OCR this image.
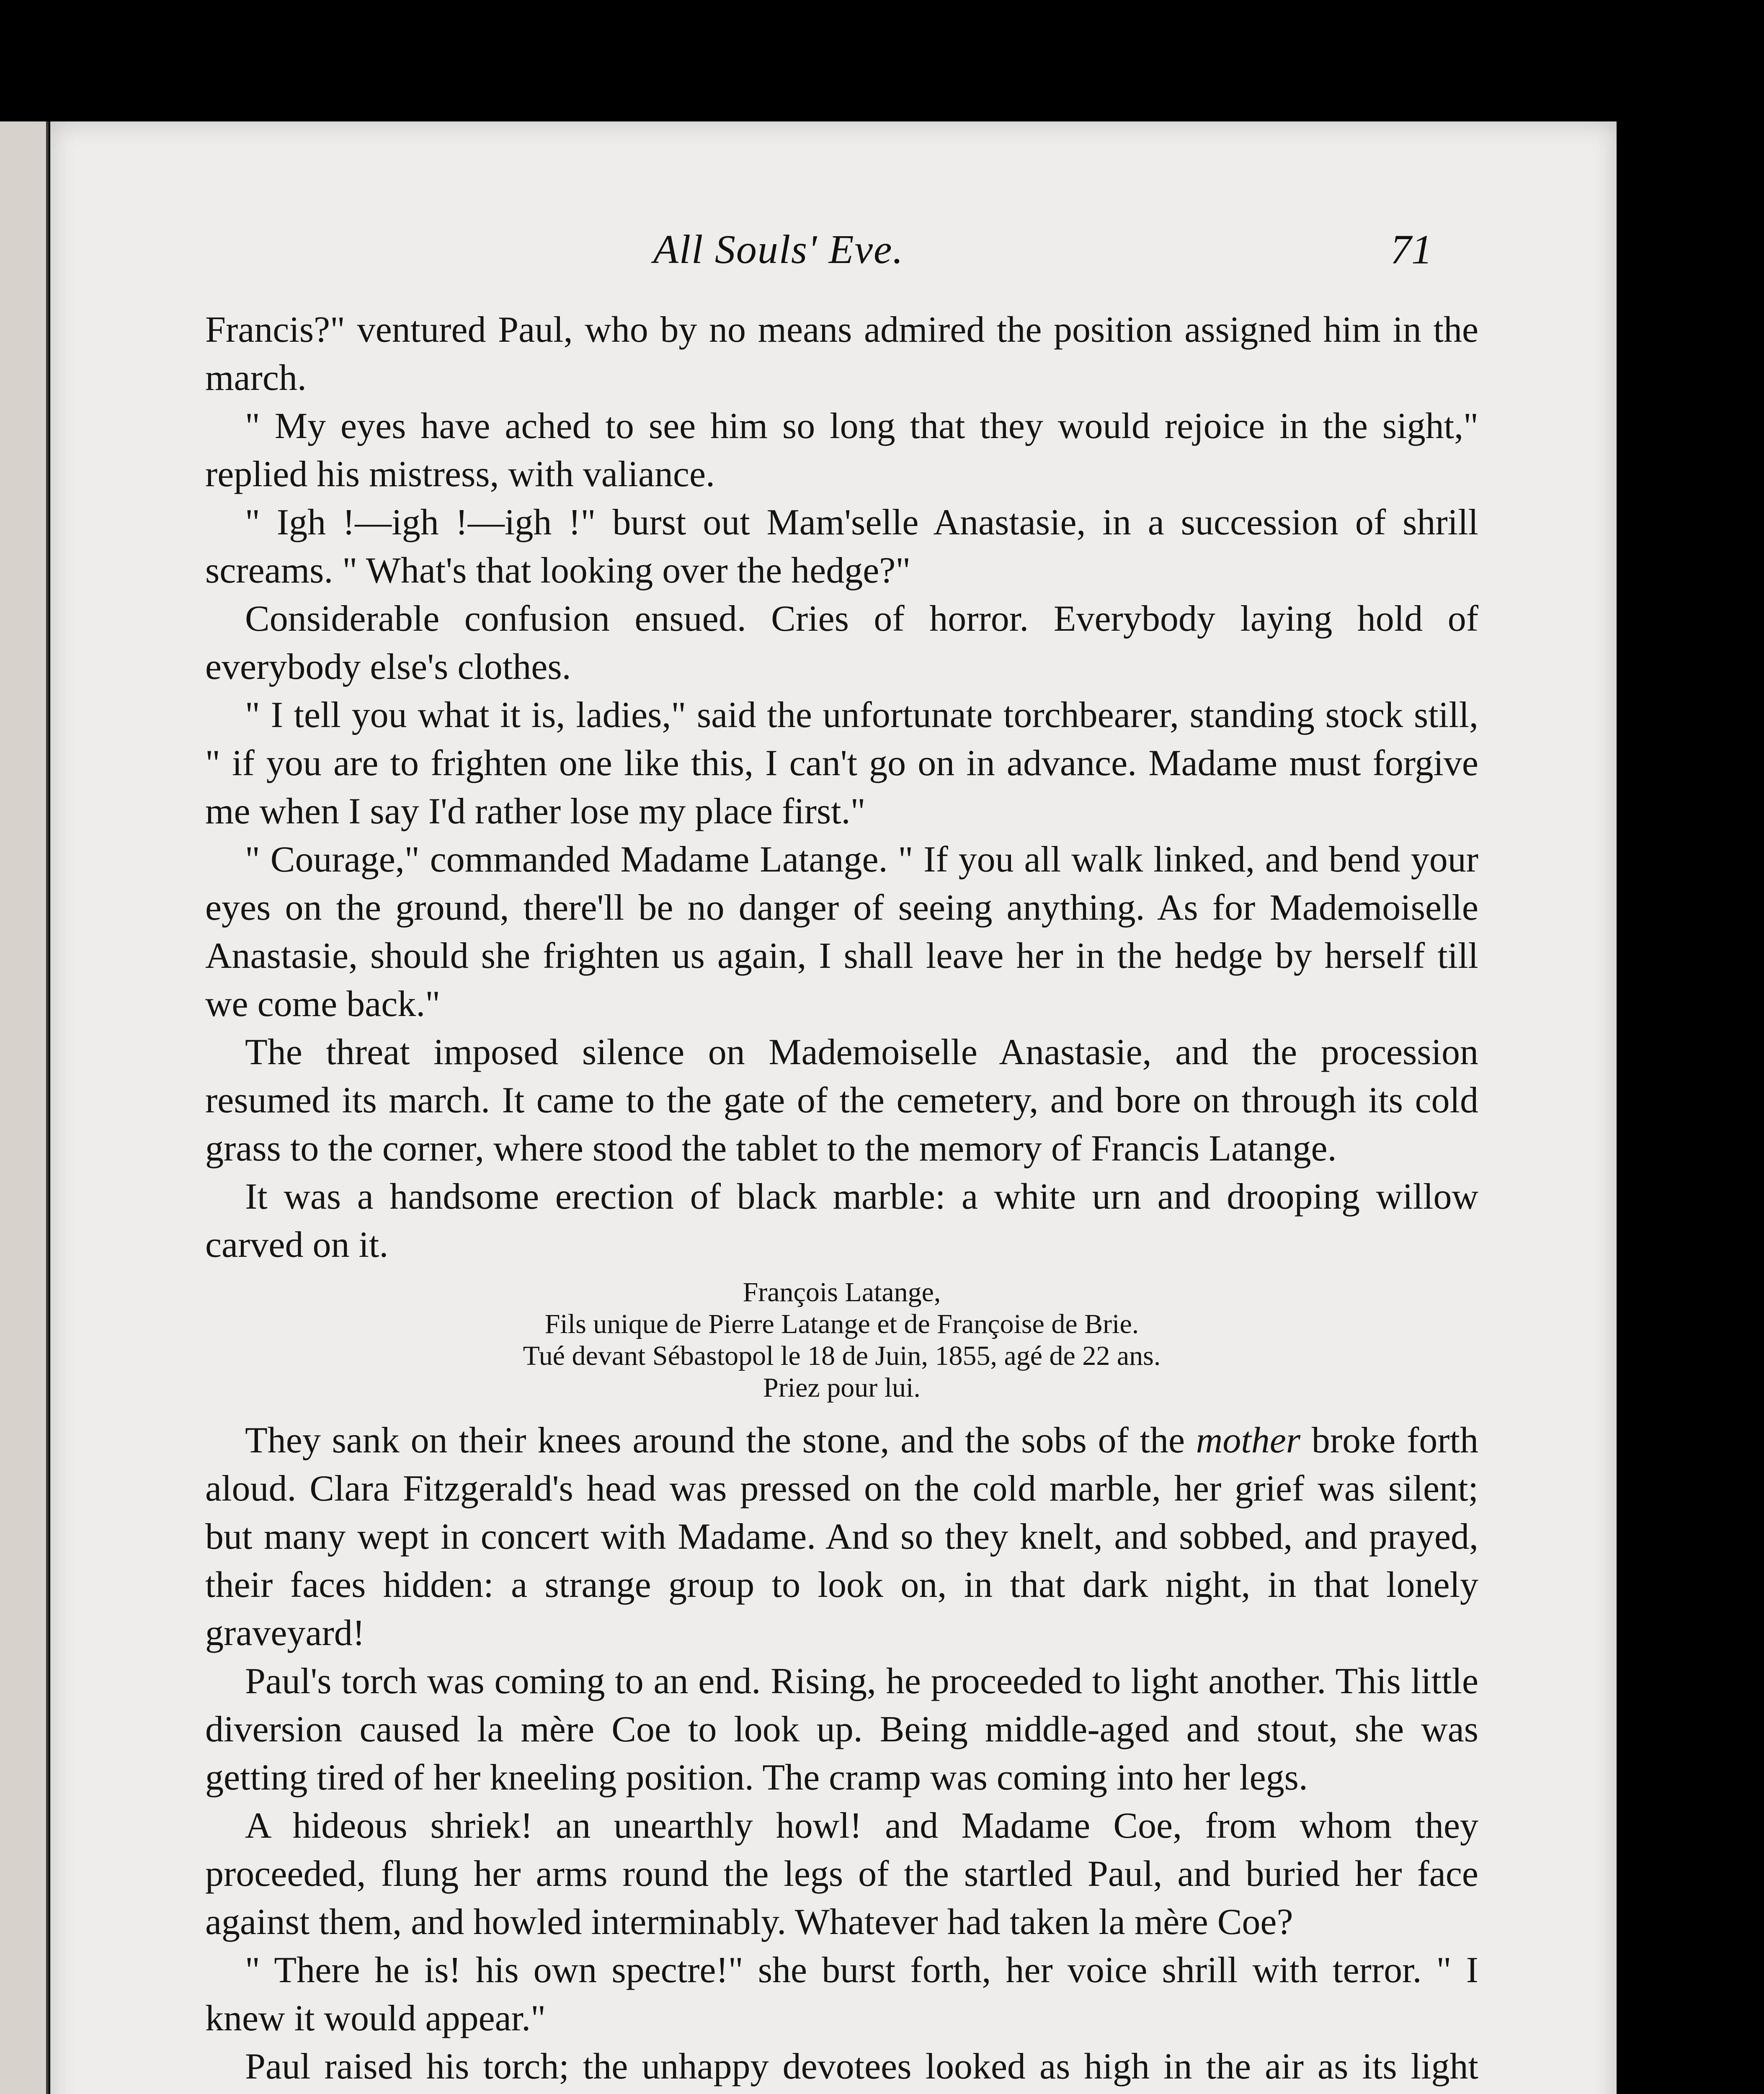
All Souls' Eve.	71

Francis?" ventured Paul, who by no means admired the position assigned him in the march.

" My eyes have ached to see him so long that they would rejoice in the sight," replied his mistress, with valiance.

" Igh !—igh !—igh !" burst out Mam'selle Anastasie, in a succession of shrill screams. " What's that looking over the hedge?"

Considerable confusion ensued. Cries of horror. Everybody laying hold of everybody else's clothes.

" I tell you what it is, ladies," said the unfortunate torchbearer, standing stock still, " if you are to frighten one like this, I can't go on in advance. Madame must forgive me when I say I'd rather lose my place first."

" Courage," commanded Madame Latange. " If you all walk linked, and bend your eyes on the ground, there'll be no danger of seeing anything. As for Mademoiselle Anastasie, should she frighten us again, I shall leave her in the hedge by herself till we come back."

The threat imposed silence on Mademoiselle Anastasie, and the procession resumed its march. It came to the gate of the cemetery, and bore on through its cold grass to the corner, where stood the tablet to the memory of Francis Latange.

It was a handsome erection of black marble: a white urn and drooping willow carved on it.

François Latange,
Fils unique de Pierre Latange et de Françoise de Brie.
Tué devant Sébastopol le 18 de Juin, 1855, agé de 22 ans.
Priez pour lui.

They sank on their knees around the stone, and the sobs of the mother broke forth aloud. Clara Fitzgerald's head was pressed on the cold marble, her grief was silent; but many wept in concert with Madame. And so they knelt, and sobbed, and prayed, their faces hidden: a strange group to look on, in that dark night, in that lonely graveyard!

Paul's torch was coming to an end. Rising, he proceeded to light another. This little diversion caused la mère Coe to look up. Being middle-aged and stout, she was getting tired of her kneeling position. The cramp was coming into her legs.

A hideous shriek! an unearthly howl! and Madame Coe, from whom they proceeded, flung her arms round the legs of the startled Paul, and buried her face against them, and howled interminably. Whatever had taken la mère Coe?

" There he is! his own spectre!" she burst forth, her voice shrill with terror. " I knew it would appear."

Paul raised his torch; the unhappy devotees looked as high in the air as its light
